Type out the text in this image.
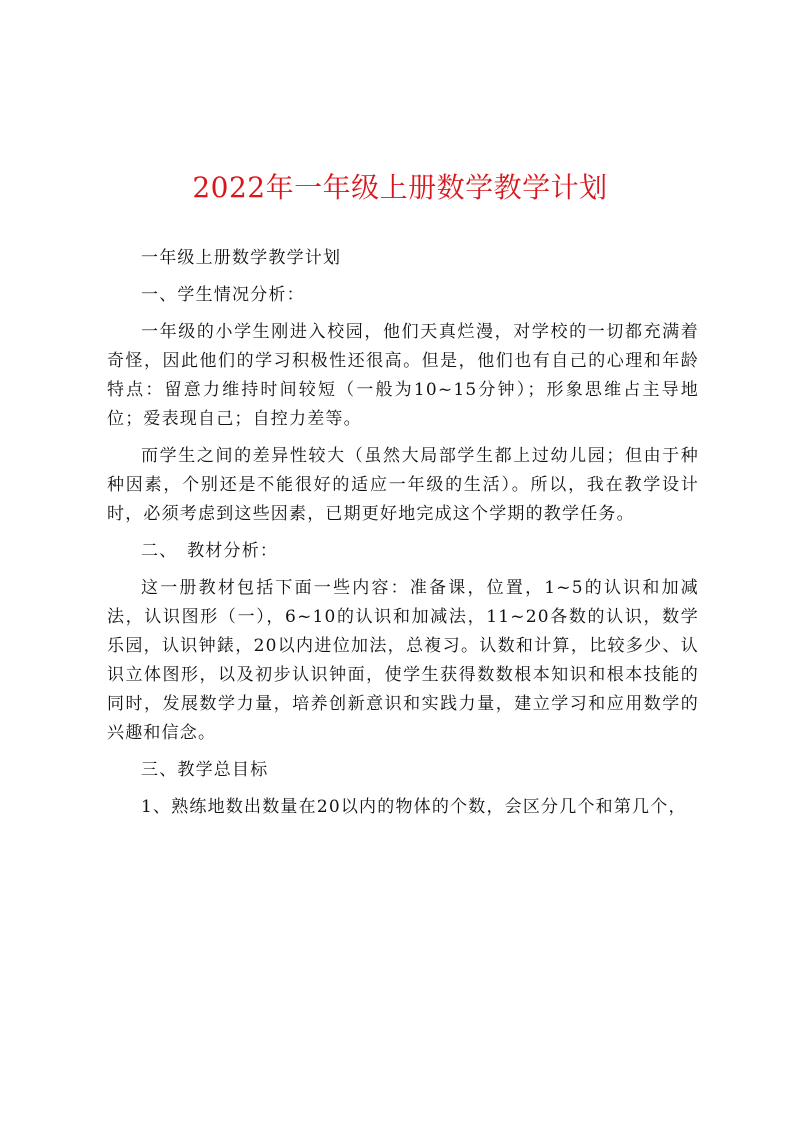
2022年一年级上册数学教学计划

一年级上册数学教学计划

一、学生情况分析：

一年级的小学生刚进入校园，他们天真烂漫，对学校的一切都充满着奇怪，因此他们的学习积极性还很高。但是，他们也有自己的心理和年龄特点：留意力维持时间较短（一般为10~15分钟）；形象思维占主导地位；爱表现自己；自控力差等。

而学生之间的差异性较大（虽然大局部学生都上过幼儿园；但由于种种因素，个别还是不能很好的适应一年级的生活）。所以，我在教学设计时，必须考虑到这些因素，已期更好地完成这个学期的教学任务。

二、　教材分析：

这一册教材包括下面一些内容：准备课，位置，1~5的认识和加减法，认识图形（一），6~10的认识和加减法，11~20各数的认识，数学乐园，认识钟錶，20以内进位加法，总複习。认数和计算，比较多少、认识立体图形，以及初步认识钟面，使学生获得数数根本知识和根本技能的同时，发展数学力量，培养创新意识和实践力量，建立学习和应用数学的兴趣和信念。

三、教学总目标

1、熟练地数出数量在20以内的物体的个数，会区分几个和第几个，
